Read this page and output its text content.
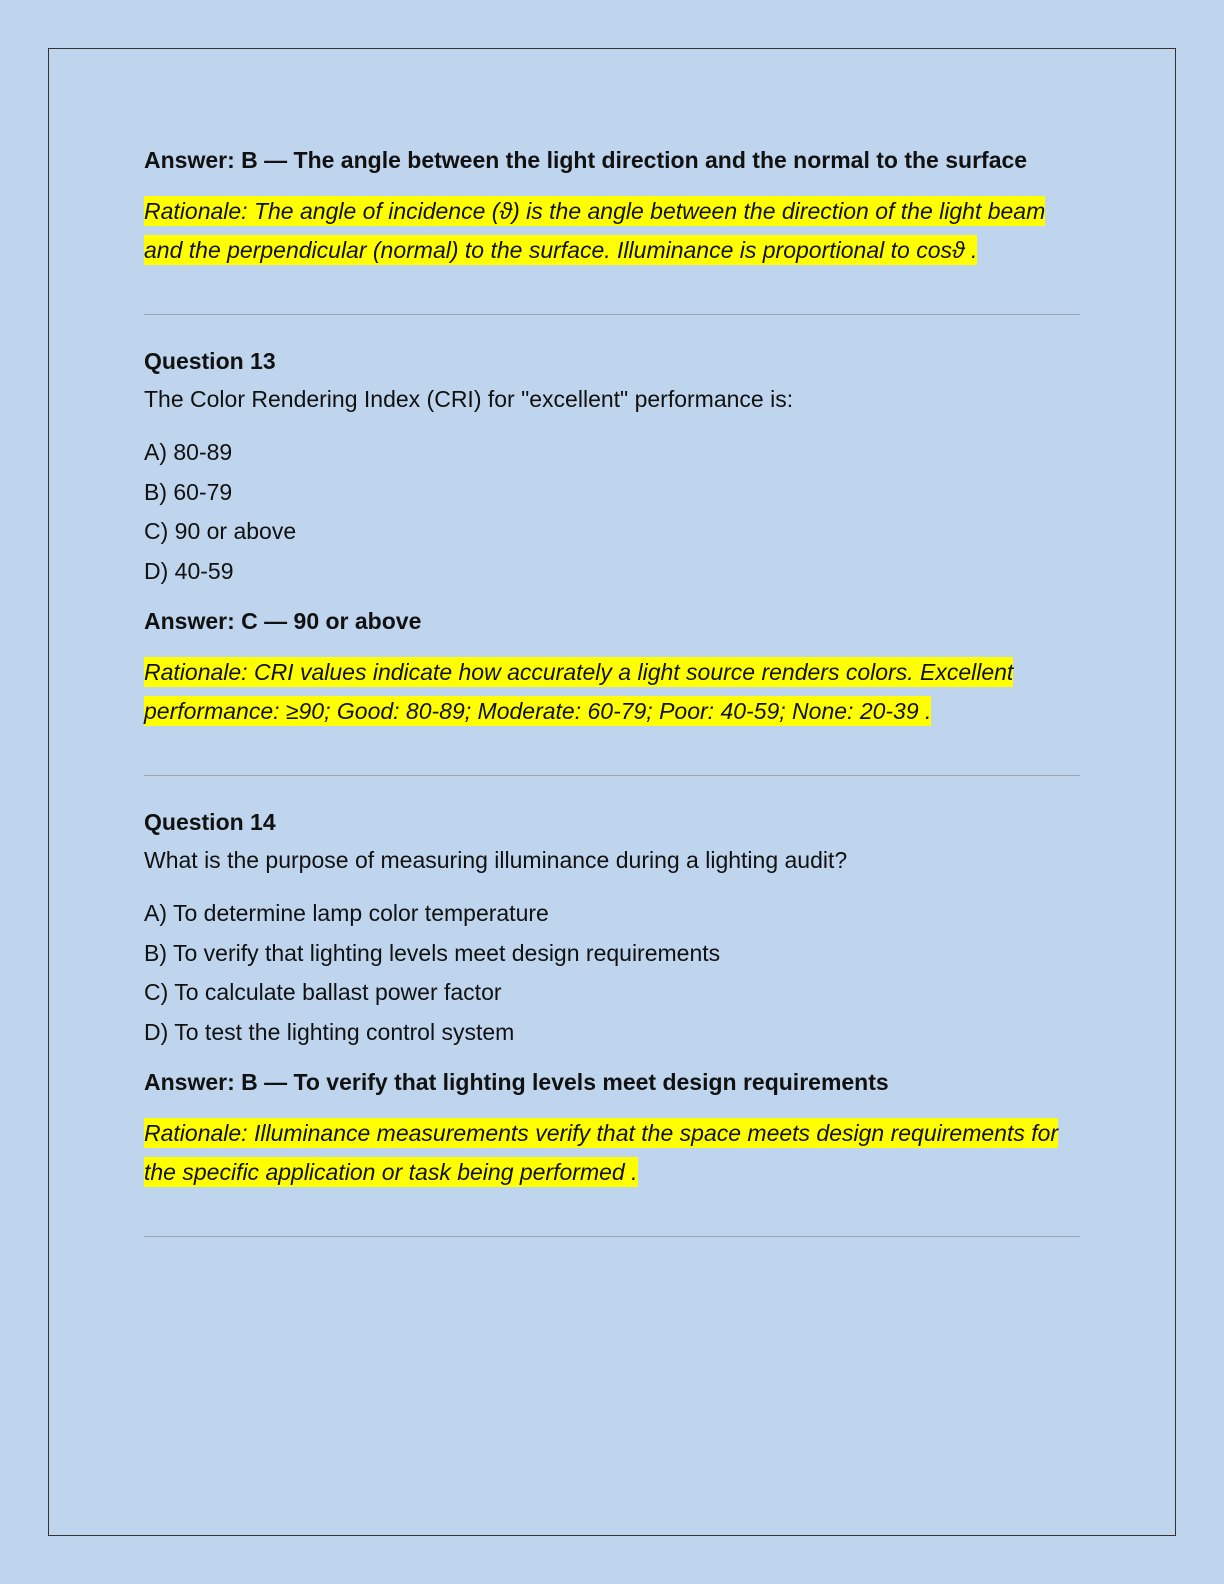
Answer: B — The angle between the light direction and the normal to the surface

Rationale: The angle of incidence (ϑ) is the angle between the direction of the light beam and the perpendicular (normal) to the surface. Illuminance is proportional to cosϑ .

Question 13

The Color Rendering Index (CRI) for "excellent" performance is:

A) 80-89
B) 60-79
C) 90 or above
D) 40-59

Answer: C — 90 or above

Rationale: CRI values indicate how accurately a light source renders colors. Excellent performance: ≥90; Good: 80-89; Moderate: 60-79; Poor: 40-59; None: 20-39 .

Question 14

What is the purpose of measuring illuminance during a lighting audit?

A) To determine lamp color temperature
B) To verify that lighting levels meet design requirements
C) To calculate ballast power factor
D) To test the lighting control system

Answer: B — To verify that lighting levels meet design requirements

Rationale: Illuminance measurements verify that the space meets design requirements for the specific application or task being performed .
